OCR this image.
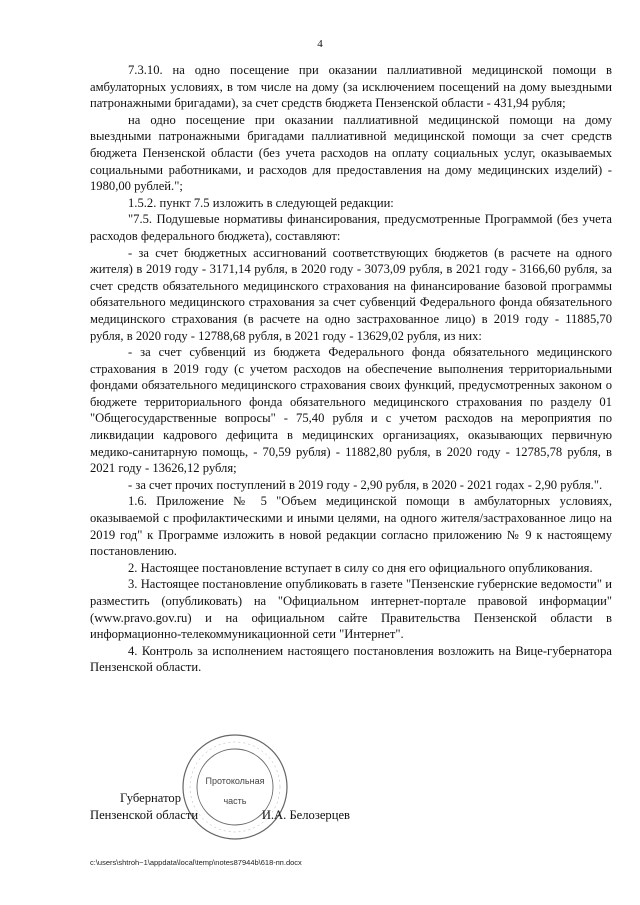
4

7.3.10. на одно посещение при оказании паллиативной медицинской помощи в амбулаторных условиях, в том числе на дому (за исключением посещений на дому выездными патронажными бригадами), за счет средств бюджета Пензенской области - 431,94 рубля;

на одно посещение при оказании паллиативной медицинской помощи на дому выездными патронажными бригадами паллиативной медицинской помощи за счет средств бюджета Пензенской области (без учета расходов на оплату социальных услуг, оказываемых социальными работниками, и расходов для предоставления на дому медицинских изделий) - 1980,00 рублей.";

1.5.2. пункт 7.5 изложить в следующей редакции:

"7.5. Подушевые нормативы финансирования, предусмотренные Программой (без учета расходов федерального бюджета), составляют:

- за счет бюджетных ассигнований соответствующих бюджетов (в расчете на одного жителя) в 2019 году - 3171,14 рубля, в 2020 году - 3073,09 рубля, в 2021 году - 3166,60 рубля, за счет средств обязательного медицинского страхования на финансирование базовой программы обязательного медицинского страхования за счет субвенций Федерального фонда обязательного медицинского страхования (в расчете на одно застрахованное лицо) в 2019 году - 11885,70 рубля, в 2020 году - 12788,68 рубля, в 2021 году - 13629,02 рубля, из них:

- за счет субвенций из бюджета Федерального фонда обязательного медицинского страхования в 2019 году (с учетом расходов на обеспечение выполнения территориальными фондами обязательного медицинского страхования своих функций, предусмотренных законом о бюджете территориального фонда обязательного медицинского страхования по разделу 01 "Общегосударственные вопросы" - 75,40 рубля и с учетом расходов на мероприятия по ликвидации кадрового дефицита в медицинских организациях, оказывающих первичную медико-санитарную помощь, - 70,59 рубля) - 11882,80 рубля, в 2020 году - 12785,78 рубля, в 2021 году - 13626,12 рубля;

- за счет прочих поступлений в 2019 году - 2,90 рубля, в 2020 - 2021 годах - 2,90 рубля.".

1.6. Приложение № 5 "Объем медицинской помощи в амбулаторных условиях, оказываемой с профилактическими и иными целями, на одного жителя/застрахованное лицо на 2019 год" к Программе изложить в новой редакции согласно приложению № 9 к настоящему постановлению.

2. Настоящее постановление вступает в силу со дня его официального опубликования.

3. Настоящее постановление опубликовать в газете "Пензенские губернские ведомости" и разместить (опубликовать) на "Официальном интернет-портале правовой информации" (www.pravo.gov.ru) и на официальном сайте Правительства Пензенской области в информационно-телекоммуникационной сети "Интернет".

4. Контроль за исполнением настоящего постановления возложить на Вице-губернатора Пензенской области.

Протокольная
часть
Губернатор
Пензенской области	И.А. Белозерцев
c:\users\shtroh~1\appdata\local\temp\notes87944b\618-пп.docx
